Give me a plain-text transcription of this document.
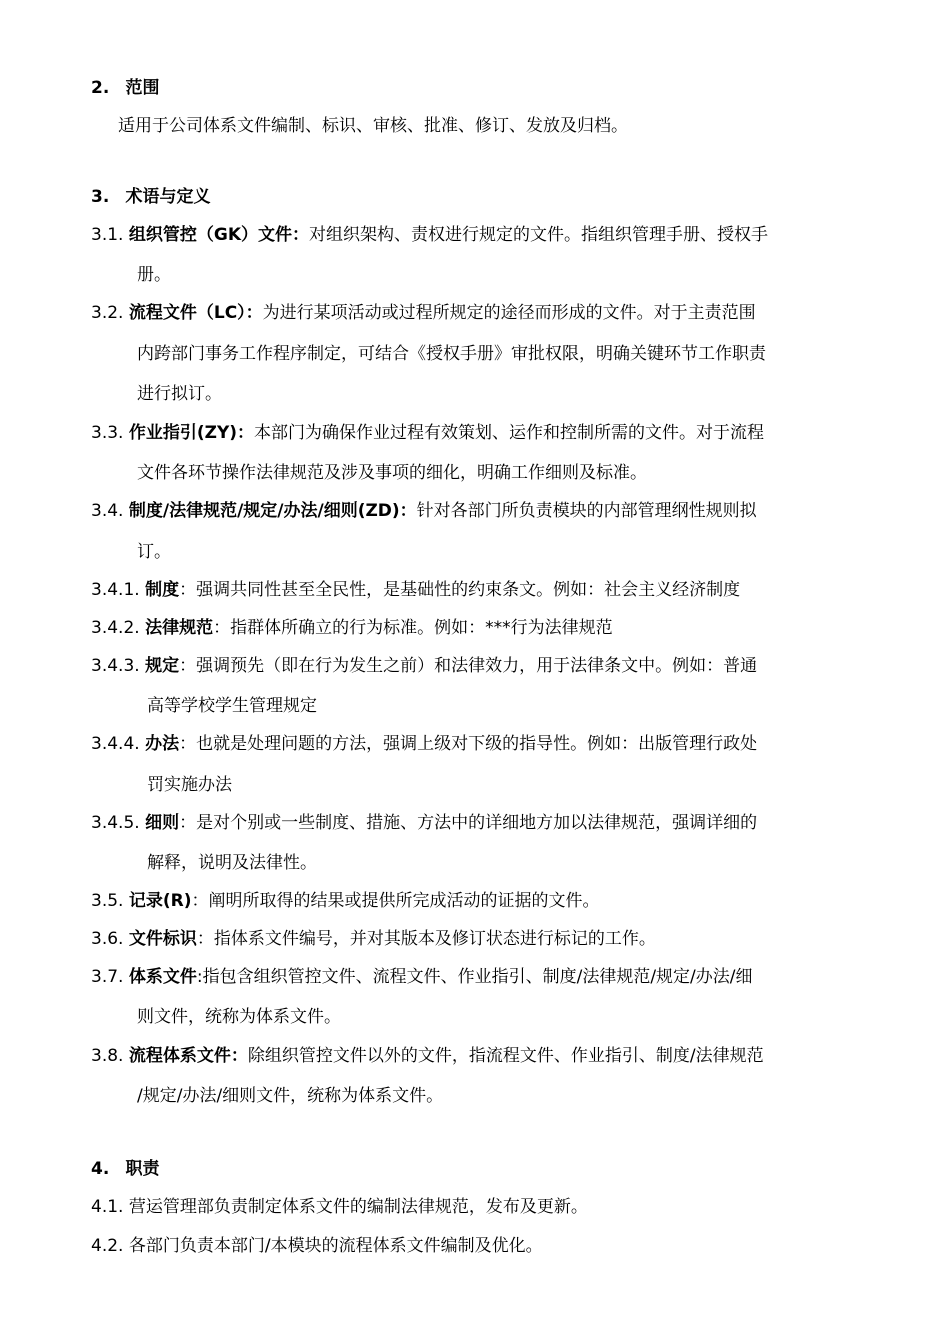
2. 范围
适用于公司体系文件编制、标识、审核、批准、修订、发放及归档。
3. 术语与定义
3.1. 组织管控（GK）文件：对组织架构、责权进行规定的文件。指组织管理手册、授权手
册。
3.2. 流程文件（LC）：为进行某项活动或过程所规定的途径而形成的文件。对于主责范围
内跨部门事务工作程序制定，可结合《授权手册》审批权限，明确关键环节工作职责
进行拟订。
3.3. 作业指引(ZY)：本部门为确保作业过程有效策划、运作和控制所需的文件。对于流程
文件各环节操作法律规范及涉及事项的细化，明确工作细则及标准。
3.4. 制度/法律规范/规定/办法/细则(ZD)：针对各部门所负责模块的内部管理纲性规则拟
订。
3.4.1. 制度：强调共同性甚至全民性，是基础性的约束条文。例如：社会主义经济制度
3.4.2. 法律规范：指群体所确立的行为标准。例如：***行为法律规范
3.4.3. 规定：强调预先（即在行为发生之前）和法律效力，用于法律条文中。例如：普通
高等学校学生管理规定
3.4.4. 办法：也就是处理问题的方法，强调上级对下级的指导性。例如：出版管理行政处
罚实施办法
3.4.5. 细则：是对个别或一些制度、措施、方法中的详细地方加以法律规范，强调详细的
解释，说明及法律性。
3.5. 记录(R)：阐明所取得的结果或提供所完成活动的证据的文件。
3.6. 文件标识：指体系文件编号，并对其版本及修订状态进行标记的工作。
3.7. 体系文件:指包含组织管控文件、流程文件、作业指引、制度/法律规范/规定/办法/细
则文件，统称为体系文件。
3.8. 流程体系文件：除组织管控文件以外的文件，指流程文件、作业指引、制度/法律规范
/规定/办法/细则文件，统称为体系文件。
4. 职责
4.1. 营运管理部负责制定体系文件的编制法律规范，发布及更新。
4.2. 各部门负责本部门/本模块的流程体系文件编制及优化。
